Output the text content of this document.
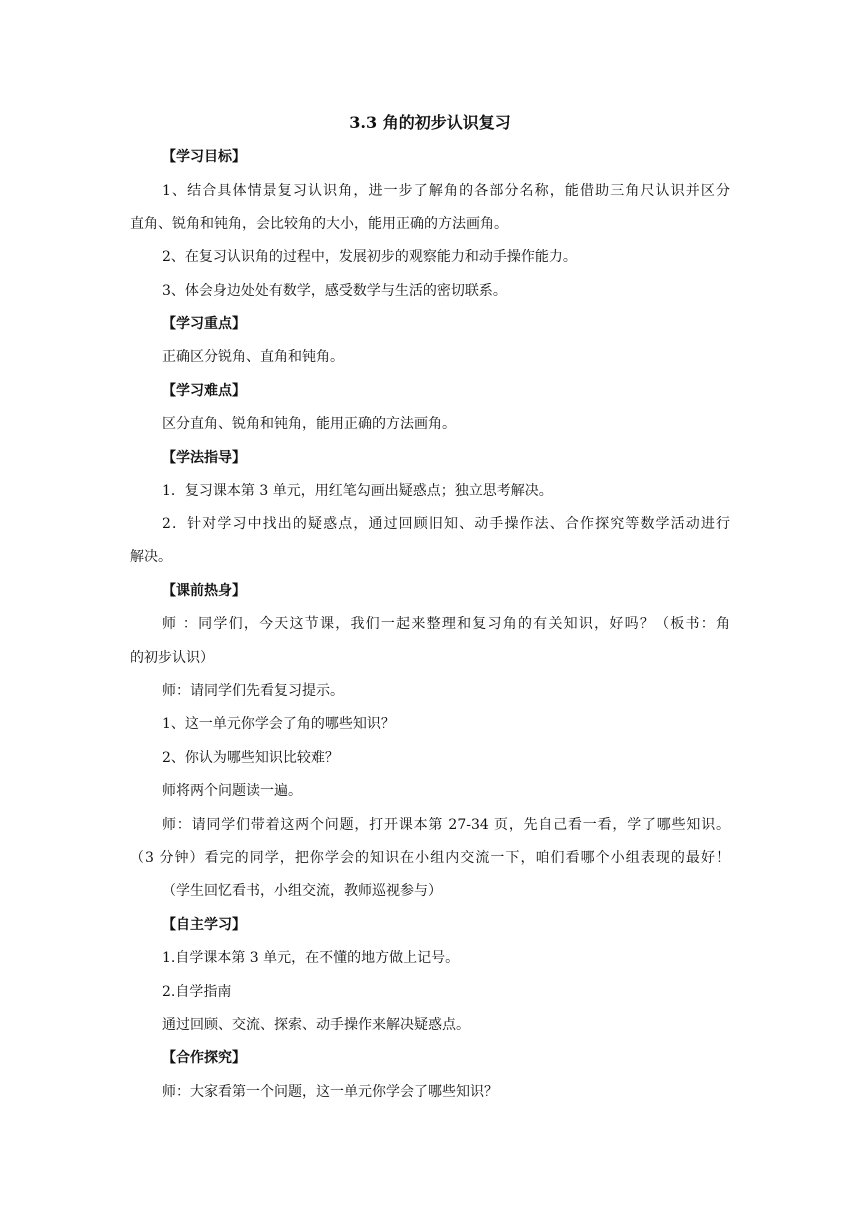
3.3 角的初步认识复习
【学习目标】
1、结合具体情景复习认识角，进一步了解角的各部分名称，能借助三角尺认识并区分
直角、锐角和钝角，会比较角的大小，能用正确的方法画角。
2、在复习认识角的过程中，发展初步的观察能力和动手操作能力。
3、体会身边处处有数学，感受数学与生活的密切联系。
【学习重点】
正确区分锐角、直角和钝角。
【学习难点】
区分直角、锐角和钝角，能用正确的方法画角。
【学法指导】
1．复习课本第 3 单元，用红笔勾画出疑惑点；独立思考解决。
2．针对学习中找出的疑惑点，通过回顾旧知、动手操作法、合作探究等数学活动进行
解决。
【课前热身】
师 ：同学们，今天这节课，我们一起来整理和复习角的有关知识，好吗？（板书：角
的初步认识）
师：请同学们先看复习提示。
1、这一单元你学会了角的哪些知识？
2、你认为哪些知识比较难？
师将两个问题读一遍。
师：请同学们带着这两个问题，打开课本第 27-34 页，先自己看一看，学了哪些知识。
（3 分钟）看完的同学，把你学会的知识在小组内交流一下，咱们看哪个小组表现的最好！
（学生回忆看书，小组交流，教师巡视参与）
【自主学习】
1.自学课本第 3 单元，在不懂的地方做上记号。
2.自学指南
通过回顾、交流、探索、动手操作来解决疑惑点。
【合作探究】
师：大家看第一个问题，这一单元你学会了哪些知识？
